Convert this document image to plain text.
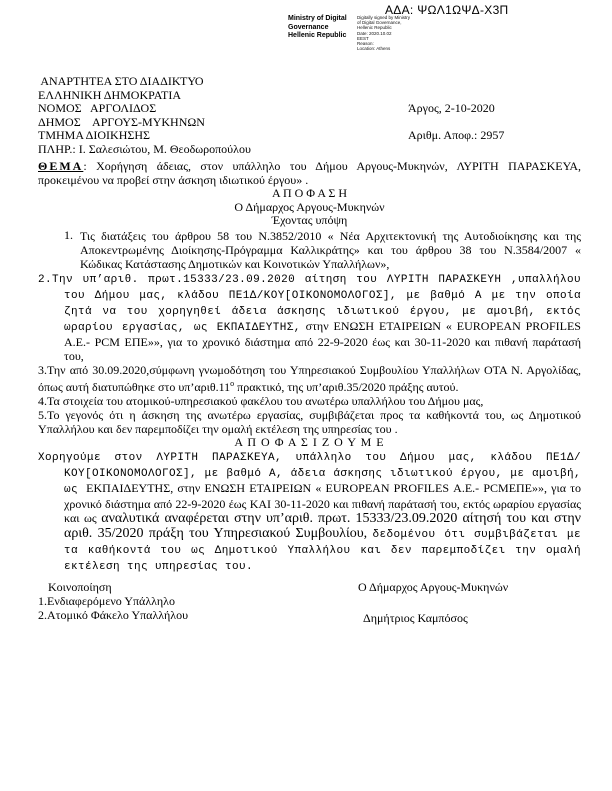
ΑΔΑ: ΨΩΛ1ΩΨΔ-Χ3Π
Ministry of Digital
Governance
Hellenic Republic
Digitally signed by Ministry
of Digital Governance,
Hellenic Republic
Date: 2020.10.02
EEST
Reason:
Location: Athens
ΑΝΑΡΤΗΤΕΑ ΣΤΟ ΔΙΑΔΙΚΤΥΟ
ΕΛΛΗΝΙΚΗ ΔΗΜΟΚΡΑΤΙΑ
ΝΟΜΟΣ   ΑΡΓΟΛΙΔΟΣ	Άργος, 2-10-2020
ΔΗΜΟΣ    ΑΡΓΟΥΣ-ΜΥΚΗΝΩΝ
ΤΜΗΜΑ ΔΙΟΙΚΗΣΗΣ	Αριθμ. Αποφ.: 2957
ΠΛΗΡ.: Ι. Σαλεσιώτου, Μ. Θεοδωροπούλου
ΘΕΜΑ: Χορήγηση άδειας, στον υπάλληλο του Δήμου Αργους-Μυκηνών, ΛΥΡΙΤΗ ΠΑΡΑΣΚΕΥΑ, προκειμένου να προβεί στην άσκηση ιδιωτικού έργου» .
Α Π Ο Φ Α Σ Η
Ο Δήμαρχος Αργους-Μυκηνών
Έχοντας υπόψη
1. Τις διατάξεις του άρθρου 58 του Ν.3852/2010 « Νέα Αρχιτεκτονική της Αυτοδιοίκησης και της Αποκεντρωμένης Διοίκησης-Πρόγραμμα Καλλικράτης» και του άρθρου 38 του Ν.3584/2007 « Κώδικας Κατάστασης Δημοτικών και Κοινοτικών Υπαλλήλων»,
2.Την υπ’αριθ. πρωτ.15333/23.09.2020 αίτηση του ΛΥΡΙΤΗ ΠΑΡΑΣΚΕΥΗ ,υπαλλήλου του Δήμου μας, κλάδου ΠΕ1Δ/ΚΟΥ[ΟΙΚΟΝΟΜΟΛΟΓΟΣ], με βαθμό Α με την οποία ζητά να του χορηγηθεί άδεια άσκησης ιδιωτικού έργου, με αμοιβή, εκτός ωραρίου εργασίας, ως ΕΚΠΑΙΔΕΥΤΗΣ, στην ΕΝΩΣΗ ΕΤΑΙΡΕΙΩΝ « EUROPEAN PROFILES Α.Ε.- PCM ΕΠΕ»», για το χρονικό διάστημα από 22-9-2020 έως και 30-11-2020 και πιθανή παράτασή του,
3.Την από 30.09.2020,σύμφωνη γνωμοδότηση του Υπηρεσιακού Συμβουλίου Υπαλλήλων ΟΤΑ Ν. Αργολίδας, όπως αυτή διατυπώθηκε στο $\upsilon\pi’\alpha\rho\iota\theta.11^o$ πρακτικό, της υπ’αριθ.35/2020 πράξης αυτού.
4.Τα στοιχεία του ατομικού-υπηρεσιακού φακέλου του ανωτέρω υπαλλήλου του Δήμου μας,
5.Το γεγονός ότι η άσκηση της ανωτέρω εργασίας, συμβιβάζεται προς τα καθήκοντά του, ως Δημοτικού Υπαλλήλου και δεν παρεμποδίζει την ομαλή εκτέλεση της υπηρεσίας του .
Α Π Ο Φ Α Σ Ι Ζ Ο Υ Μ Ε
Χορηγούμε στον ΛΥΡΙΤΗ ΠΑΡΑΣΚΕΥΑ, υπάλληλο του Δήμου μας, κλάδου ΠΕ1Δ/ΚΟΥ[ΟΙΚΟΝΟΜΟΛΟΓΟΣ], με βαθμό Α, άδεια άσκησης ιδιωτικού έργου, με αμοιβή, ως ΕΚΠΑΙΔΕΥΤΗΣ, στην ΕΝΩΣΗ ΕΤΑΙΡΕΙΩΝ « EUROPEAN PROFILES Α.Ε.- PCMΕΠΕ»», για το χρονικό διάστημα από 22-9-2020 έως ΚΑΙ 30-11-2020 και πιθανή παράτασή του, εκτός ωραρίου εργασίας και ως αναλυτικά αναφέρεται στην υπ’αριθ. πρωτ. 15333/23.09.2020 αίτησή του και στην αριθ. 35/2020 πράξη του Υπηρεσιακού Συμβουλίου, δεδομένου ότι συμβιβάζεται με τα καθήκοντά του ως Δημοτικού Υπαλλήλου και δεν παρεμποδίζει την ομαλή εκτέλεση της υπηρεσίας του.
Κοινοποίηση
1.Ενδιαφερόμενο Υπάλληλο
2.Ατομικό Φάκελο Υπαλλήλου
Ο Δήμαρχος Αργους-Μυκηνών
Δημήτριος Καμπόσος
